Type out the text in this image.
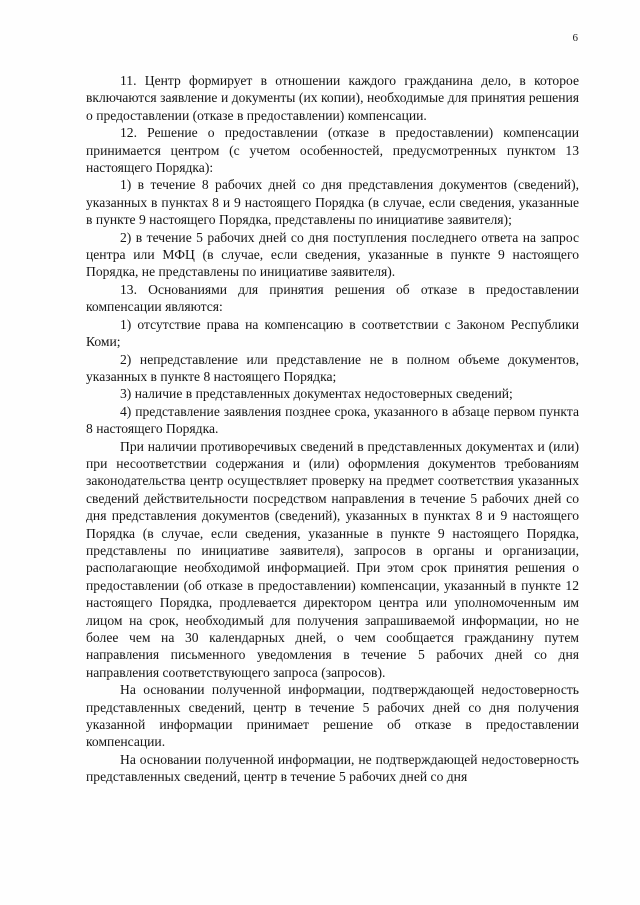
6

11. Центр формирует в отношении каждого гражданина дело, в которое включаются заявление и документы (их копии), необходимые для принятия решения о предоставлении (отказе в предоставлении) компенсации.

12. Решение о предоставлении (отказе в предоставлении) компенсации принимается центром (с учетом особенностей, предусмотренных пунктом 13 настоящего Порядка):

1) в течение 8 рабочих дней со дня представления документов (сведений), указанных в пунктах 8 и 9 настоящего Порядка (в случае, если сведения, указанные в пункте 9 настоящего Порядка, представлены по инициативе заявителя);

2) в течение 5 рабочих дней со дня поступления последнего ответа на запрос центра или МФЦ (в случае, если сведения, указанные в пункте 9 настоящего Порядка, не представлены по инициативе заявителя).

13. Основаниями для принятия решения об отказе в предоставлении компенсации являются:

1) отсутствие права на компенсацию в соответствии с Законом Республики Коми;

2) непредставление или представление не в полном объеме документов, указанных в пункте 8 настоящего Порядка;

3) наличие в представленных документах недостоверных сведений;

4) представление заявления позднее срока, указанного в абзаце первом пункта 8 настоящего Порядка.

При наличии противоречивых сведений в представленных документах и (или) при несоответствии содержания и (или) оформления документов требованиям законодательства центр осуществляет проверку на предмет соответствия указанных сведений действительности посредством направления в течение 5 рабочих дней со дня представления документов (сведений), указанных в пунктах 8 и 9 настоящего Порядка (в случае, если сведения, указанные в пункте 9 настоящего Порядка, представлены по инициативе заявителя), запросов в органы и организации, располагающие необходимой информацией. При этом срок принятия решения о предоставлении (об отказе в предоставлении) компенсации, указанный в пункте 12 настоящего Порядка, продлевается директором центра или уполномоченным им лицом на срок, необходимый для получения запрашиваемой информации, но не более чем на 30 календарных дней, о чем сообщается гражданину путем направления письменного уведомления в течение 5 рабочих дней со дня направления соответствующего запроса (запросов).

На основании полученной информации, подтверждающей недостоверность представленных сведений, центр в течение 5 рабочих дней со дня получения указанной информации принимает решение об отказе в предоставлении компенсации.

На основании полученной информации, не подтверждающей недостоверность представленных сведений, центр в течение 5 рабочих дней со дня
